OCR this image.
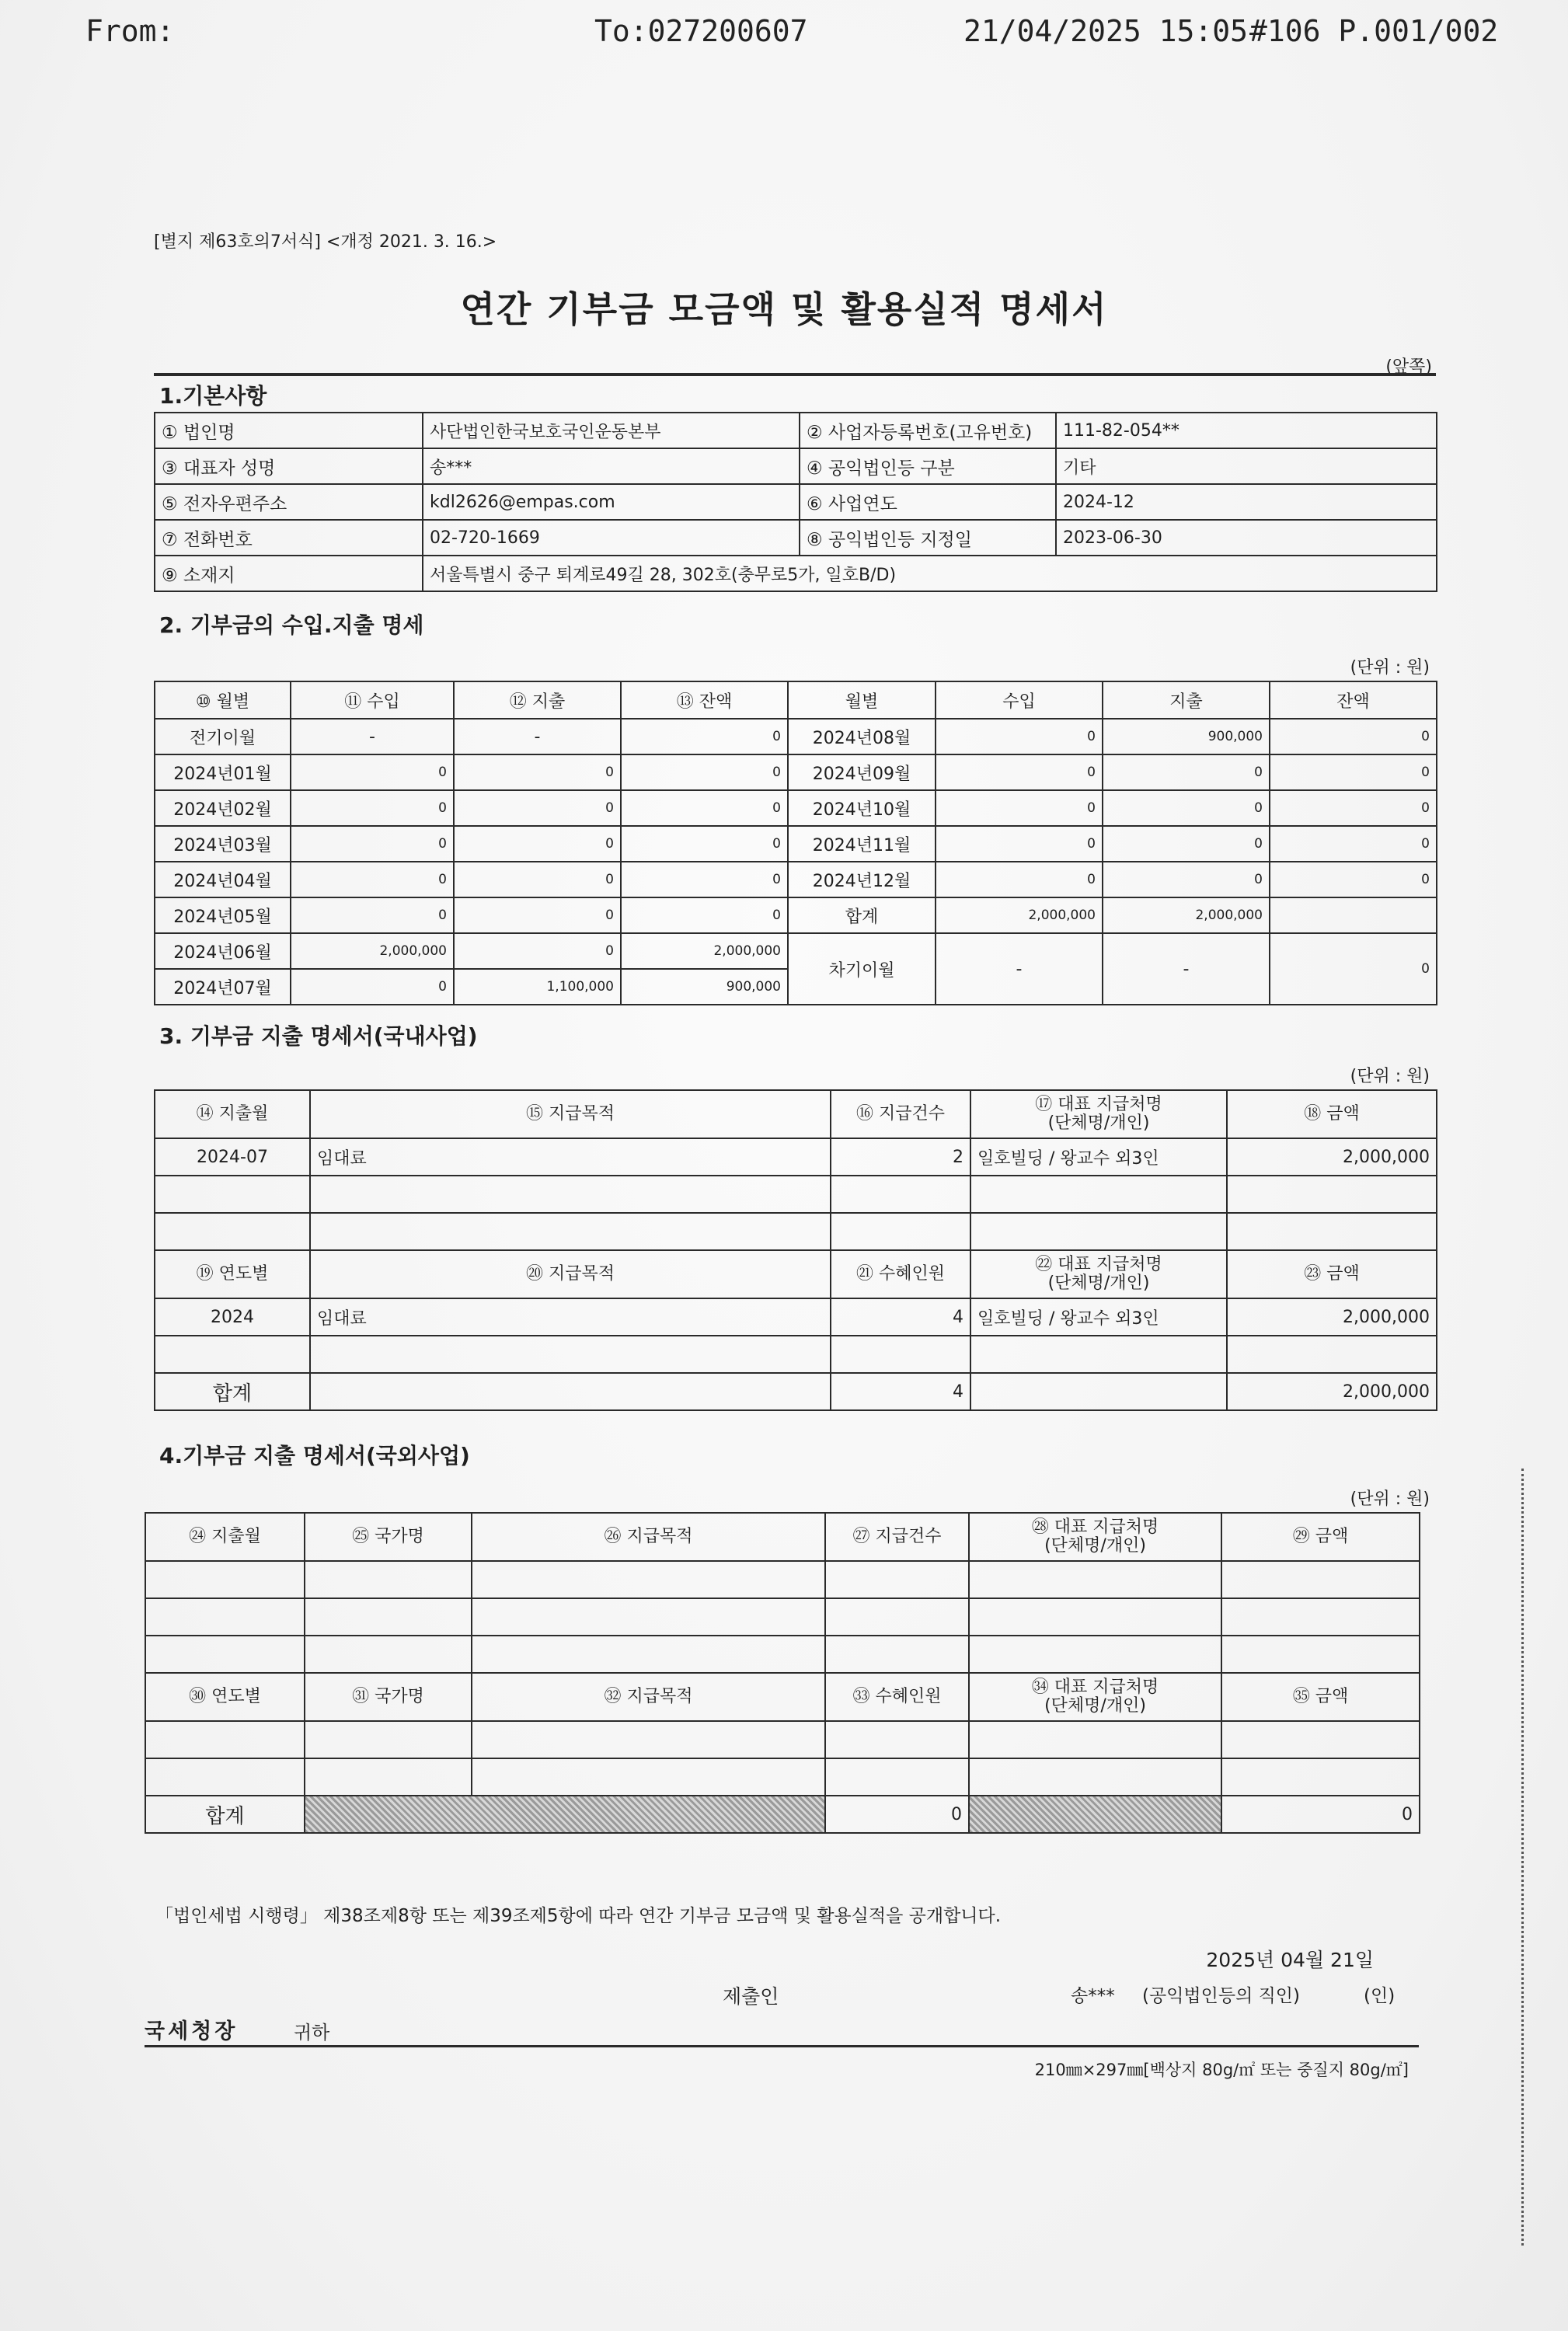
From:	To:027200607	21/04/2025 15:05 #106 P.001/002
[별지 제63호의7서식] <개정 2021. 3. 16.>
연간 기부금 모금액 및 활용실적 명세서
(앞쪽)
1.기본사항
① 법인명	사단법인한국보호국인운동본부	② 사업자등록번호(고유번호)	111-82-054**
③ 대표자 성명	송***	④ 공익법인등 구분	기타
⑤ 전자우편주소	kdl2626@empas.com	⑥ 사업연도	2024-12
⑦ 전화번호	02-720-1669	⑧ 공익법인등 지정일	2023-06-30
⑨ 소재지	서울특별시 중구 퇴계로49길 28, 302호(충무로5가, 일호B/D)		
2. 기부금의 수입.지출 명세
(단위 : 원)
⑩ 월별	⑪ 수입	⑫ 지출	⑬ 잔액	월별	수입	지출	잔액
전기이월	-	-	0	2024년08월	0	900,000	0
2024년01월	0	0	0	2024년09월	0	0	0
2024년02월	0	0	0	2024년10월	0	0	0
2024년03월	0	0	0	2024년11월	0	0	0
2024년04월	0	0	0	2024년12월	0	0	0
2024년05월	0	0	0	합계	2,000,000	2,000,000	
2024년06월	2,000,000	0	2,000,000	차기이월	-	-	0
2024년07월	0	1,100,000	900,000				
3. 기부금 지출 명세서(국내사업)
(단위 : 원)
⑭ 지출월	⑮ 지급목적	⑯ 지급건수	⑰ 대표 지급처명
(단체명/개인)	⑱ 금액
2024-07	임대료	2	일호빌딩 / 왕교수 외3인	2,000,000

⑲ 연도별	⑳ 지급목적	㉑ 수혜인원	㉒ 대표 지급처명
(단체명/개인)	㉓ 금액
2024	임대료	4	일호빌딩 / 왕교수 외3인	2,000,000

합계		4		2,000,000
4.기부금 지출 명세서(국외사업)
(단위 : 원)
㉔ 지출월	㉕ 국가명	㉖ 지급목적	㉗ 지급건수	㉘ 대표 지급처명
(단체명/개인)	㉙ 금액

㉚ 연도별	㉛ 국가명	㉜ 지급목적	㉝ 수혜인원	㉞ 대표 지급처명
(단체명/개인)	㉟ 금액

합계			0		0
「법인세법 시행령」 제38조제8항 또는 제39조제5항에 따라 연간 기부금 모금액 및 활용실적을 공개합니다.
2025년 04월 21일
제출인	송*** (공익법인등의 직인)	(인)
국세청장	귀하
210㎜×297㎜[백상지 80g/㎡ 또는 중질지 80g/㎡]
